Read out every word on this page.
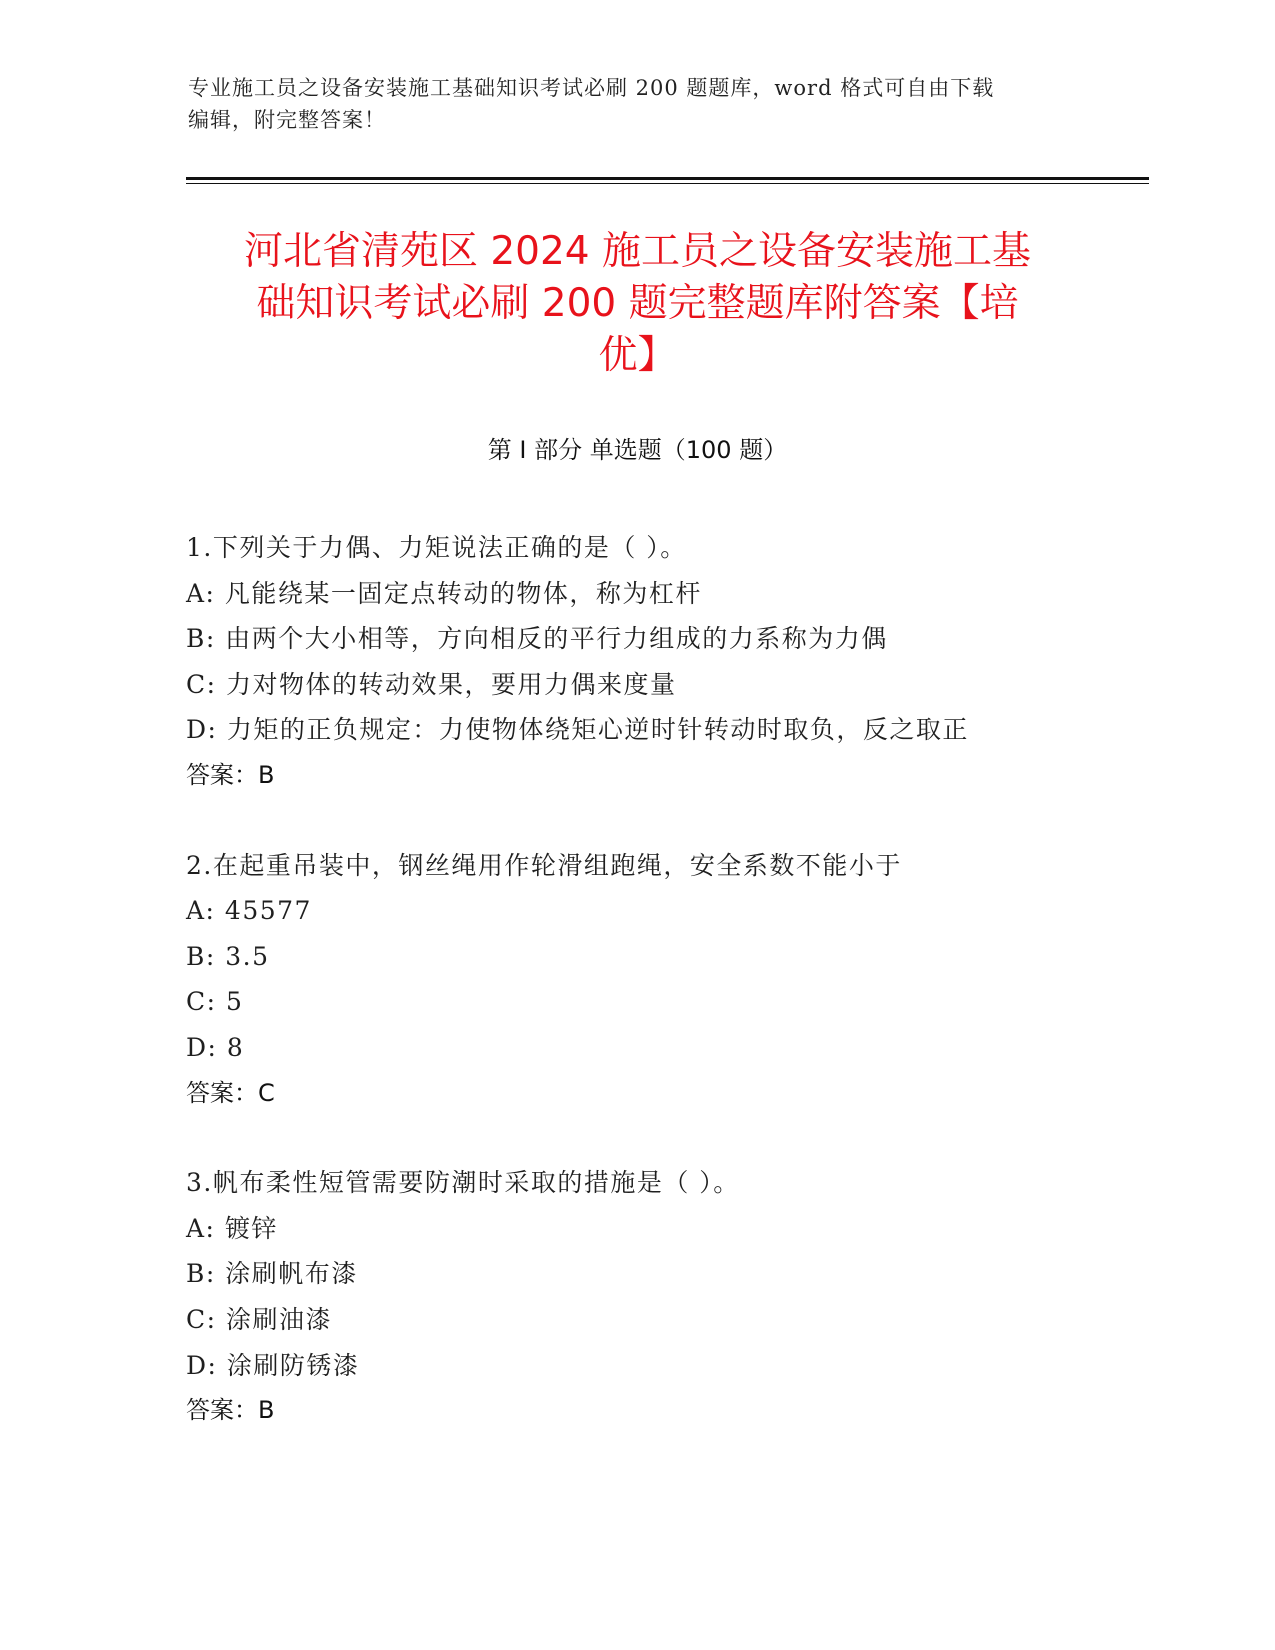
专业施工员之设备安装施工基础知识考试必刷 200 题题库，word 格式可自由下载
编辑，附完整答案！
河北省清苑区 2024 施工员之设备安装施工基
础知识考试必刷 200 题完整题库附答案【培
优】
第 I 部分 单选题（100 题）
1.下列关于力偶、力矩说法正确的是（ ）。
A: 凡能绕某一固定点转动的物体，称为杠杆
B: 由两个大小相等，方向相反的平行力组成的力系称为力偶
C: 力对物体的转动效果，要用力偶来度量
D: 力矩的正负规定：力使物体绕矩心逆时针转动时取负，反之取正
答案：B
2.在起重吊装中，钢丝绳用作轮滑组跑绳，安全系数不能小于
A: 45577
B: 3.5
C: 5
D: 8
答案：C
3.帆布柔性短管需要防潮时采取的措施是（ ）。
A: 镀锌
B: 涂刷帆布漆
C: 涂刷油漆
D: 涂刷防锈漆
答案：B
